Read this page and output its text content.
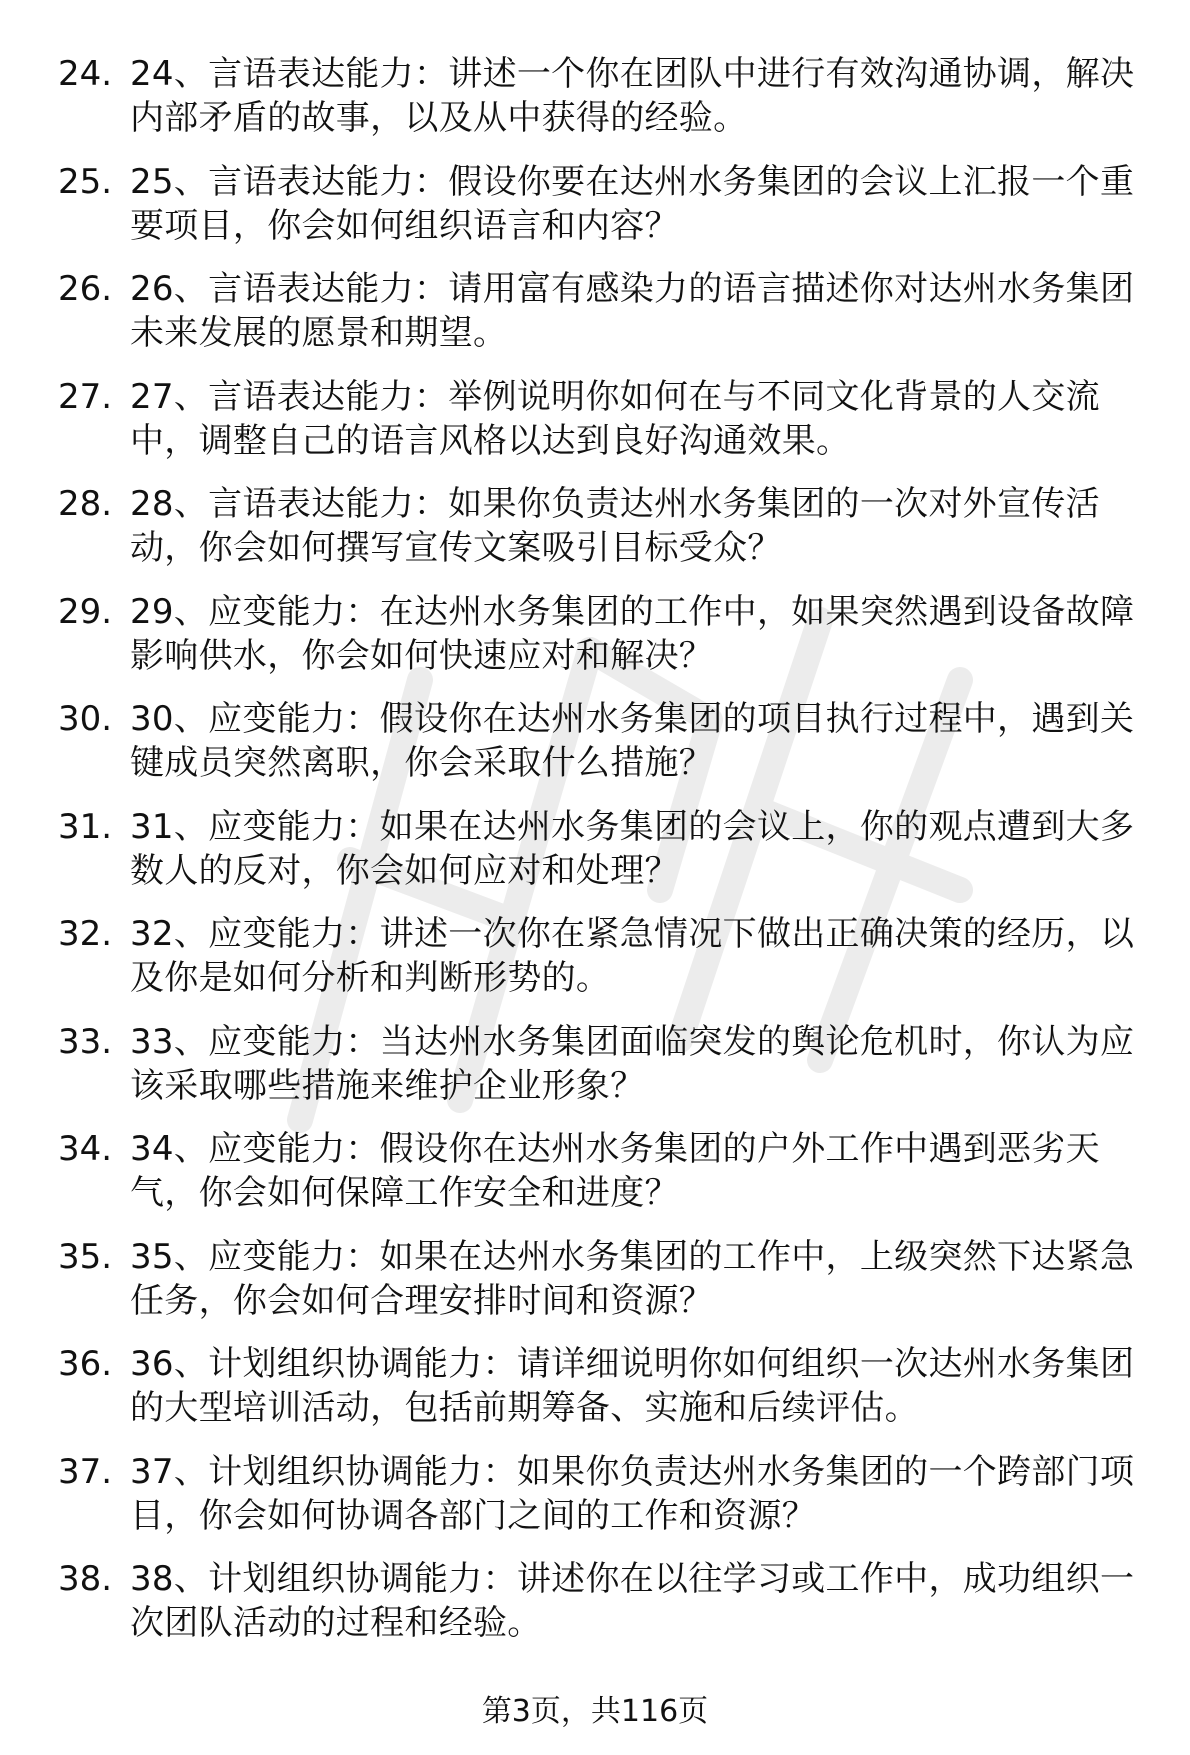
24. 24、言语表达能力：讲述一个你在团队中进行有效沟通协调，解决内部矛盾的故事，以及从中获得的经验。
25. 25、言语表达能力：假设你要在达州水务集团的会议上汇报一个重要项目，你会如何组织语言和内容？
26. 26、言语表达能力：请用富有感染力的语言描述你对达州水务集团未来发展的愿景和期望。
27. 27、言语表达能力：举例说明你如何在与不同文化背景的人交流中，调整自己的语言风格以达到良好沟通效果。
28. 28、言语表达能力：如果你负责达州水务集团的一次对外宣传活动，你会如何撰写宣传文案吸引目标受众？
29. 29、应变能力：在达州水务集团的工作中，如果突然遇到设备故障影响供水，你会如何快速应对和解决？
30. 30、应变能力：假设你在达州水务集团的项目执行过程中，遇到关键成员突然离职，你会采取什么措施？
31. 31、应变能力：如果在达州水务集团的会议上，你的观点遭到大多数人的反对，你会如何应对和处理？
32. 32、应变能力：讲述一次你在紧急情况下做出正确决策的经历，以及你是如何分析和判断形势的。
33. 33、应变能力：当达州水务集团面临突发的舆论危机时，你认为应该采取哪些措施来维护企业形象？
34. 34、应变能力：假设你在达州水务集团的户外工作中遇到恶劣天气，你会如何保障工作安全和进度？
35. 35、应变能力：如果在达州水务集团的工作中，上级突然下达紧急任务，你会如何合理安排时间和资源？
36. 36、计划组织协调能力：请详细说明你如何组织一次达州水务集团的大型培训活动，包括前期筹备、实施和后续评估。
37. 37、计划组织协调能力：如果你负责达州水务集团的一个跨部门项目，你会如何协调各部门之间的工作和资源？
38. 38、计划组织协调能力：讲述你在以往学习或工作中，成功组织一次团队活动的过程和经验。
第3页，共116页
